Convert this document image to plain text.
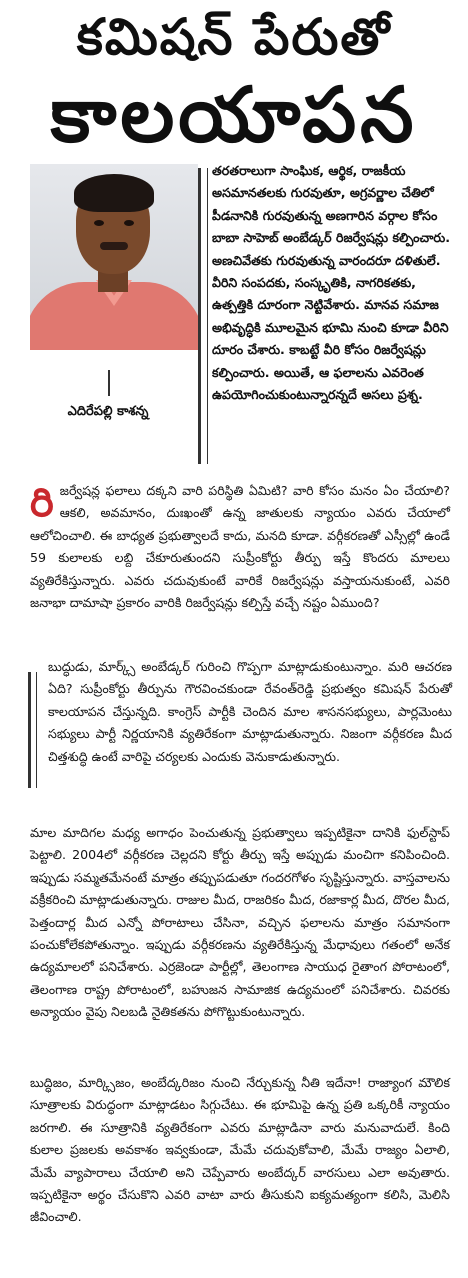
కమిషన్ పేరుతో
కాలయాపన
ఎదిరేపల్లి కాశన్న
తరతరాలుగా సాంఘిక, ఆర్థిక, రాజకీయ అసమానతలకు గురవుతూ, అగ్రవర్ణాల చేతిలో పీడనానికి గురవుతున్న అణగారిన వర్గాల కోసం బాబా సాహెబ్ అంబేడ్కర్ రిజర్వేషన్లు కల్పించారు. అణచివేతకు గురవుతున్న వారందరూ దళితులే. వీరిని సంపదకు, సంస్కృతికి, నాగరికతకు, ఉత్పత్తికి దూరంగా నెట్టివేశారు. మానవ సమాజ అభివృద్ధికి మూలమైన భూమి నుంచి కూడా వీరిని దూరం చేశారు. కాబట్టే వీరి కోసం రిజర్వేషన్లు కల్పించారు. అయితే, ఆ ఫలాలను ఎవరెంత ఉపయోగించుకుంటున్నారన్నదే అసలు ప్రశ్న.
రి జర్వేషన్ల ఫలాలు దక్కని వారి పరిస్థితి ఏమిటి? వారి కోసం మనం ఏం చేయాలి? ఆకలి, అవమానం, దుఃఖంతో ఉన్న జాతులకు న్యాయం ఎవరు చేయాలో ఆలోచించాలి. ఈ బాధ్యత ప్రభుత్వాలదే కాదు, మనది కూడా. వర్గీకరణతో ఎస్సీల్లో ఉండే 59 కులాలకు లబ్ది చేకూరుతుందని సుప్రీంకోర్టు తీర్పు ఇస్తే కొందరు మాలలు వ్యతిరేకిస్తున్నారు. ఎవరు చదువుకుంటే వారికే రిజర్వేషన్లు వస్తాయనుకుంటే, ఎవరి జనాభా దామాషా ప్రకారం వారికి రిజర్వేషన్లు కల్పిస్తే వచ్చే నష్టం ఏముంది?
బుద్ధుడు, మార్క్స్ అంబేడ్కర్ గురించి గొప్పగా మాట్లాడుకుంటున్నాం. మరి ఆచరణ ఏది? సుప్రీంకోర్టు తీర్పును గౌరవించకుండా రేవంత్‌రెడ్డి ప్రభుత్వం కమిషన్ పేరుతో కాలయాపన చేస్తున్నది. కాంగ్రెస్ పార్టీకి చెందిన మాల శాసనసభ్యులు, పార్లమెంటు సభ్యులు పార్టీ నిర్ణయానికి వ్యతిరేకంగా మాట్లాడుతున్నారు. నిజంగా వర్గీకరణ మీద చిత్తశుద్ధి ఉంటే వారిపై చర్యలకు ఎందుకు వెనుకాడుతున్నారు.
మాల మాదిగల మధ్య అగాధం పెంచుతున్న ప్రభుత్వాలు ఇప్పటికైనా దానికి ఫుల్‌స్టాప్ పెట్టాలి. 2004లో వర్గీకరణ చెల్లదని కోర్టు తీర్పు ఇస్తే అప్పుడు మంచిగా కనిపించింది. ఇప్పుడు సమ్మతమేనంటే మాత్రం తప్పుపడుతూ గందరగోళం సృష్టిస్తున్నారు. వాస్తవాలను వక్రీకరించి మాట్లాడుతున్నారు. రాజుల మీద, రాజరికం మీద, రజాకార్ల మీద, దొరల మీద, పెత్తందార్ల మీద ఎన్నో పోరాటాలు చేసినా, వచ్చిన ఫలాలను మాత్రం సమానంగా పంచుకోలేకపోతున్నాం. ఇప్పుడు వర్గీకరణను వ్యతిరేకిస్తున్న మేధావులు గతంలో అనేక ఉద్యమాలలో పనిచేశారు. ఎర్రజెండా పార్టీల్లో, తెలంగాణ సాయుధ రైతాంగ పోరాటంలో, తెలంగాణ రాష్ట్ర పోరాటంలో, బహుజన సామాజిక ఉద్యమంలో పనిచేశారు. చివరకు అన్యాయం వైపు నిలబడి నైతికతను పోగొట్టుకుంటున్నారు.
బుద్ధిజం, మార్క్సిజం, అంబేద్కరిజం నుంచి నేర్చుకున్న నీతి ఇదేనా! రాజ్యాంగ మౌలిక సూత్రాలకు విరుద్ధంగా మాట్లాడటం సిగ్గుచేటు. ఈ భూమిపై ఉన్న ప్రతి ఒక్కరికీ న్యాయం జరగాలి. ఈ సూత్రానికి వ్యతిరేకంగా ఎవరు మాట్లాడినా వారు మనువాదులే. కింది కులాల ప్రజలకు అవకాశం ఇవ్వకుండా, మేమే చదువుకోవాలి, మేమే రాజ్యం ఏలాలి, మేమే వ్యాపారాలు చేయాలి అని చెప్పేవారు అంబేద్కర్ వారసులు ఎలా అవుతారు. ఇప్పటికైనా అర్థం చేసుకొని ఎవరి వాటా వారు తీసుకుని ఐక్యమత్యంగా కలిసి, మెలిసి జీవించాలి.
